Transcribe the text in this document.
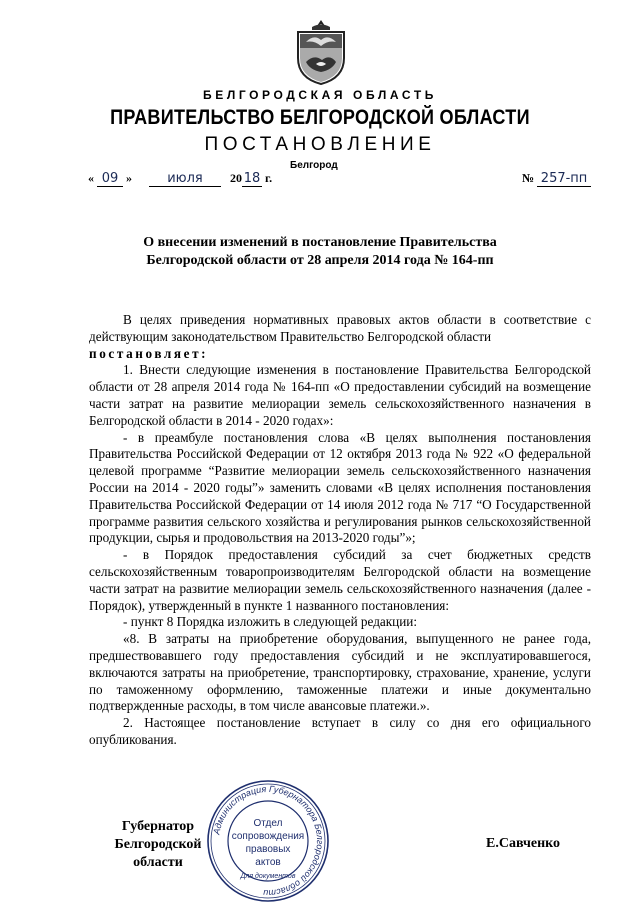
БЕЛГОРОДСКАЯ ОБЛАСТЬ
ПРАВИТЕЛЬСТВО БЕЛГОРОДСКОЙ ОБЛАСТИ
ПОСТАНОВЛЕНИЕ
Белгород
« 09 »	июля 20 18 г.	№ 257-пп
О внесении изменений в постановление Правительства
Белгородской области от 28 апреля 2014 года № 164-пп

В целях приведения нормативных правовых актов области в соответствие с действующим законодательством Правительство Белгородской области

постановляет:

1. Внести следующие изменения в постановление Правительства Белгородской области от 28 апреля 2014 года № 164-пп «О предоставлении субсидий на возмещение части затрат на развитие мелиорации земель сельскохозяйственного назначения в Белгородской области в 2014 - 2020 годах»:

- в преамбуле постановления слова «В целях выполнения постановления Правительства Российской Федерации от 12 октября 2013 года № 922 «О федеральной целевой программе “Развитие мелиорации земель сельскохозяйственного назначения России на 2014 - 2020 годы”» заменить словами «В целях исполнения постановления Правительства Российской Федерации от 14 июля 2012 года № 717 “О Государственной программе развития сельского хозяйства и регулирования рынков сельскохозяйственной продукции, сырья и продовольствия на 2013-2020 годы”»;

- в Порядок предоставления субсидий за счет бюджетных средств сельскохозяйственным товаропроизводителям Белгородской области на возмещение части затрат на развитие мелиорации земель сельскохозяйственного назначения (далее - Порядок), утвержденный в пункте 1 названного постановления:

- пункт 8 Порядка изложить в следующей редакции:

«8. В затраты на приобретение оборудования, выпущенного не ранее года, предшествовавшего году предоставления субсидий и не эксплуатировавшегося, включаются затраты на приобретение, транспортировку, страхование, хранение, услуги по таможенному оформлению, таможенные платежи и иные документально подтвержденные расходы, в том числе авансовые платежи.».

2. Настоящее постановление вступает в силу со дня его официального опубликования.

Губернатор
Белгородской области
Е.Савченко
Администрация Губернатора Белгородской области
Отдел
сопровождения
правовых
актов
Для документов
